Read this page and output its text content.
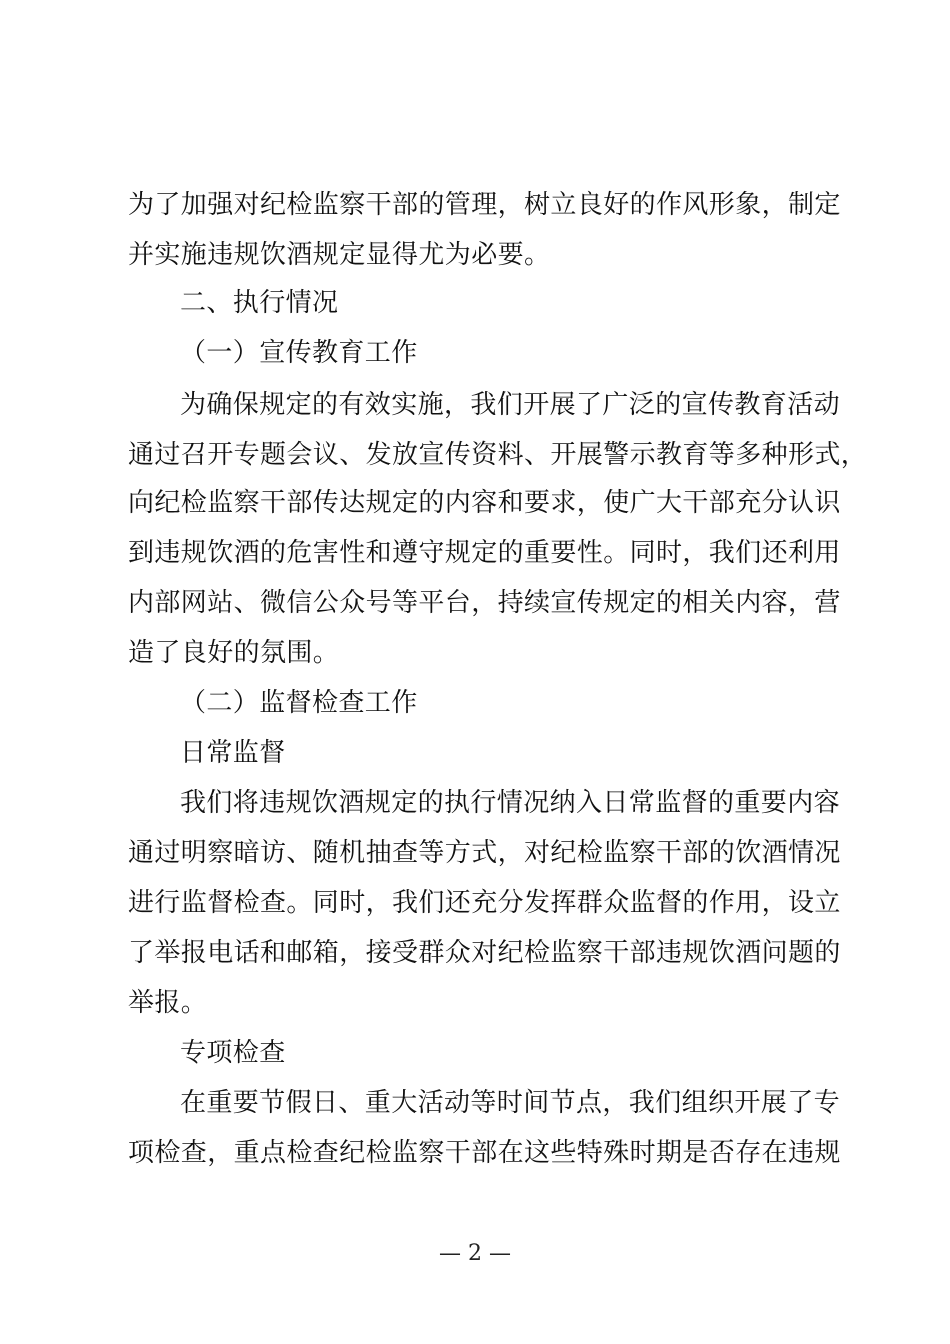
为了加强对纪检监察干部的管理，树立良好的作风形象，制定
并实施违规饮酒规定显得尤为必要。
二、执行情况
（一）宣传教育工作
为确保规定的有效实施，我们开展了广泛的宣传教育活动
通过召开专题会议、发放宣传资料、开展警示教育等多种形式，
向纪检监察干部传达规定的内容和要求，使广大干部充分认识
到违规饮酒的危害性和遵守规定的重要性。同时，我们还利用
内部网站、微信公众号等平台，持续宣传规定的相关内容，营
造了良好的氛围。
（二）监督检查工作
日常监督
我们将违规饮酒规定的执行情况纳入日常监督的重要内容
通过明察暗访、随机抽查等方式，对纪检监察干部的饮酒情况
进行监督检查。同时，我们还充分发挥群众监督的作用，设立
了举报电话和邮箱，接受群众对纪检监察干部违规饮酒问题的
举报。
专项检查
在重要节假日、重大活动等时间节点，我们组织开展了专
项检查，重点检查纪检监察干部在这些特殊时期是否存在违规
— 2 —
